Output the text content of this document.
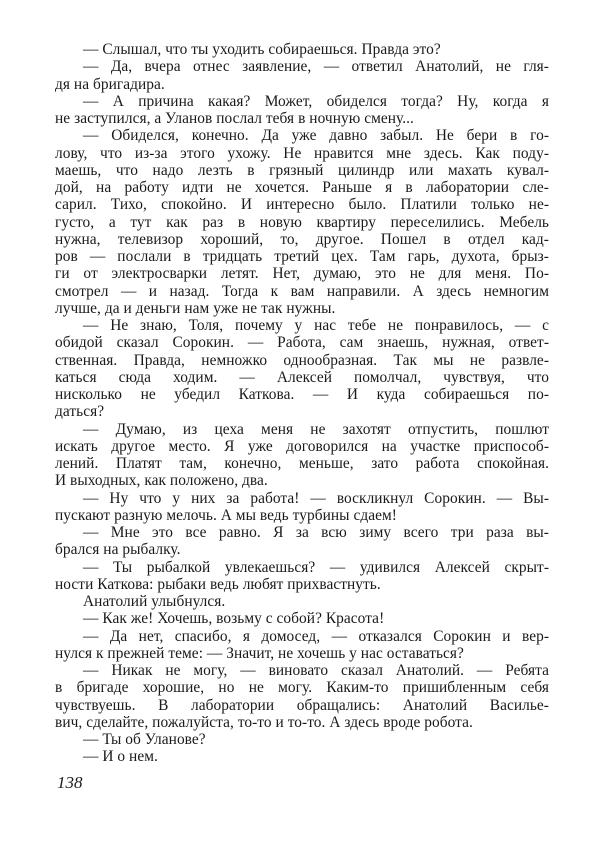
— Слышал, что ты уходить собираешься. Правда это?
— Да, вчера отнес заявление, — ответил Анатолий, не гля-
дя на бригадира.
— А причина какая? Может, обиделся тогда? Ну, когда я
не заступился, а Уланов послал тебя в ночную смену...
— Обиделся, конечно. Да уже давно забыл. Не бери в го-
лову, что из-за этого ухожу. Не нравится мне здесь. Как поду-
маешь, что надо лезть в грязный цилиндр или махать кувал-
дой, на работу идти не хочется. Раньше я в лаборатории сле-
сарил. Тихо, спокойно. И интересно было. Платили только не-
густо, а тут как раз в новую квартиру переселились. Мебель
нужна, телевизор хороший, то, другое. Пошел в отдел кад-
ров — послали в тридцать третий цех. Там гарь, духота, брыз-
ги от электросварки летят. Нет, думаю, это не для меня. По-
смотрел — и назад. Тогда к вам направили. А здесь немногим
лучше, да и деньги нам уже не так нужны.
— Не знаю, Толя, почему у нас тебе не понравилось, — с
обидой сказал Сорокин. — Работа, сам знаешь, нужная, ответ-
ственная. Правда, немножко однообразная. Так мы не развле-
каться сюда ходим. — Алексей помолчал, чувствуя, что
нисколько не убедил Каткова. — И куда собираешься по-
даться?
— Думаю, из цеха меня не захотят отпустить, пошлют
искать другое место. Я уже договорился на участке приспособ-
лений. Платят там, конечно, меньше, зато работа спокойная.
И выходных, как положено, два.
— Ну что у них за работа! — воскликнул Сорокин. — Вы-
пускают разную мелочь. А мы ведь турбины сдаем!
— Мне это все равно. Я за всю зиму всего три раза вы-
брался на рыбалку.
— Ты рыбалкой увлекаешься? — удивился Алексей скрыт-
ности Каткова: рыбаки ведь любят прихвастнуть.
Анатолий улыбнулся.
— Как же! Хочешь, возьму с собой? Красота!
— Да нет, спасибо, я домосед, — отказался Сорокин и вер-
нулся к прежней теме: — Значит, не хочешь у нас оставаться?
— Никак не могу, — виновато сказал Анатолий. — Ребята
в бригаде хорошие, но не могу. Каким-то пришибленным себя
чувствуешь. В лаборатории обращались: Анатолий Василье-
вич, сделайте, пожалуйста, то-то и то-то. А здесь вроде робота.
— Ты об Уланове?
— И о нем.
138
